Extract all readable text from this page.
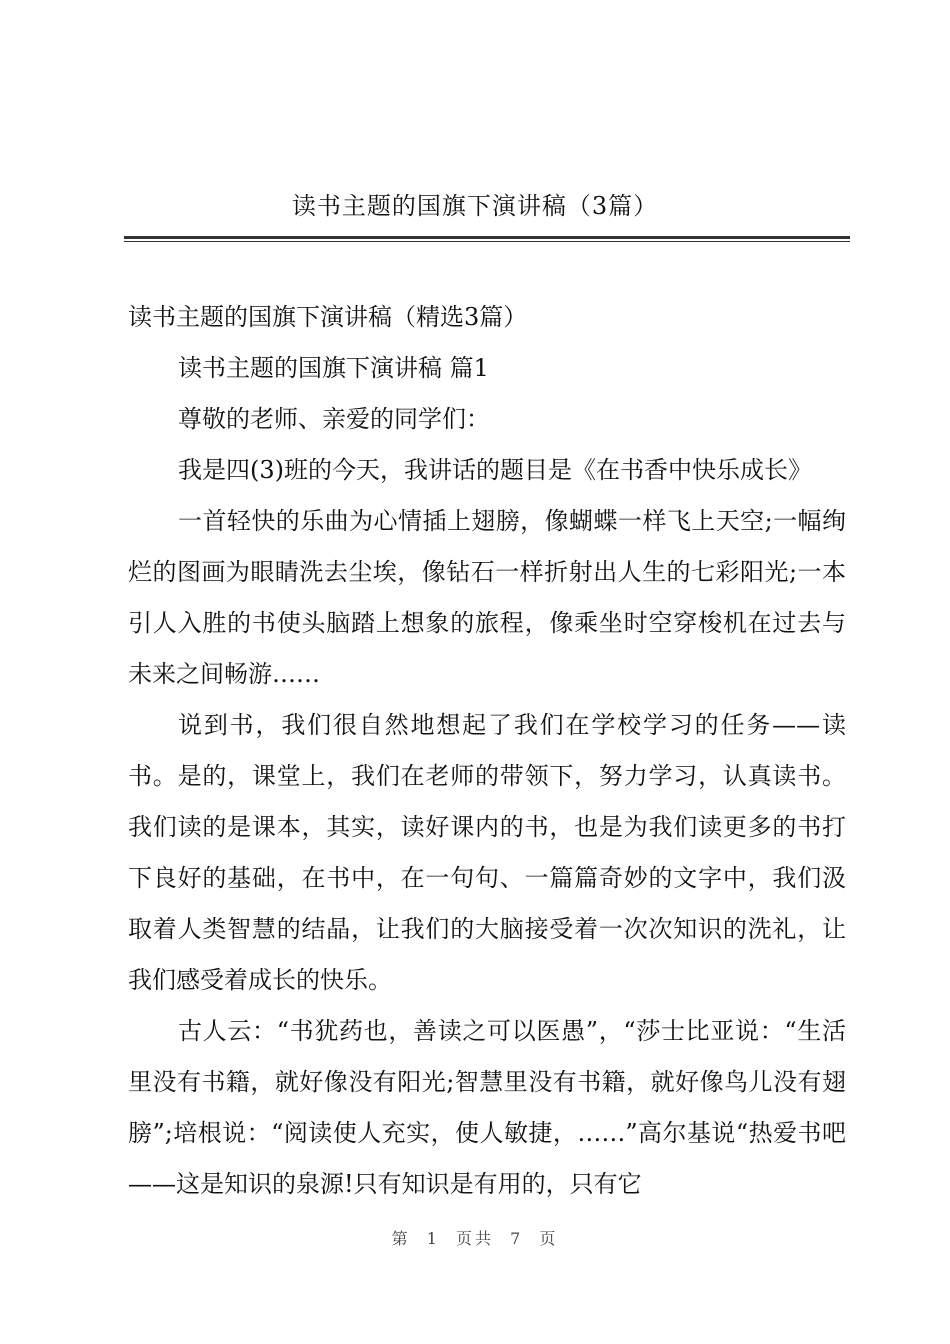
读书主题的国旗下演讲稿（3篇）

读书主题的国旗下演讲稿（精选3篇）

读书主题的国旗下演讲稿 篇1

尊敬的老师、亲爱的同学们：

我是四(3)班的今天，我讲话的题目是《在书香中快乐成长》

一首轻快的乐曲为心情插上翅膀，像蝴蝶一样飞上天空;一幅绚烂的图画为眼睛洗去尘埃，像钻石一样折射出人生的七彩阳光;一本引人入胜的书使头脑踏上想象的旅程，像乘坐时空穿梭机在过去与未来之间畅游……

说到书，我们很自然地想起了我们在学校学习的任务——读书。是的，课堂上，我们在老师的带领下，努力学习，认真读书。我们读的是课本，其实，读好课内的书，也是为我们读更多的书打下良好的基础，在书中，在一句句、一篇篇奇妙的文字中，我们汲取着人类智慧的结晶，让我们的大脑接受着一次次知识的洗礼，让我们感受着成长的快乐。

古人云：“书犹药也，善读之可以医愚”，“莎士比亚说：“生活里没有书籍，就好像没有阳光;智慧里没有书籍，就好像鸟儿没有翅膀”;培根说：“阅读使人充实，使人敏捷，……”高尔基说“热爱书吧——这是知识的泉源!只有知识是有用的，只有它

第 1 页共 7 页
